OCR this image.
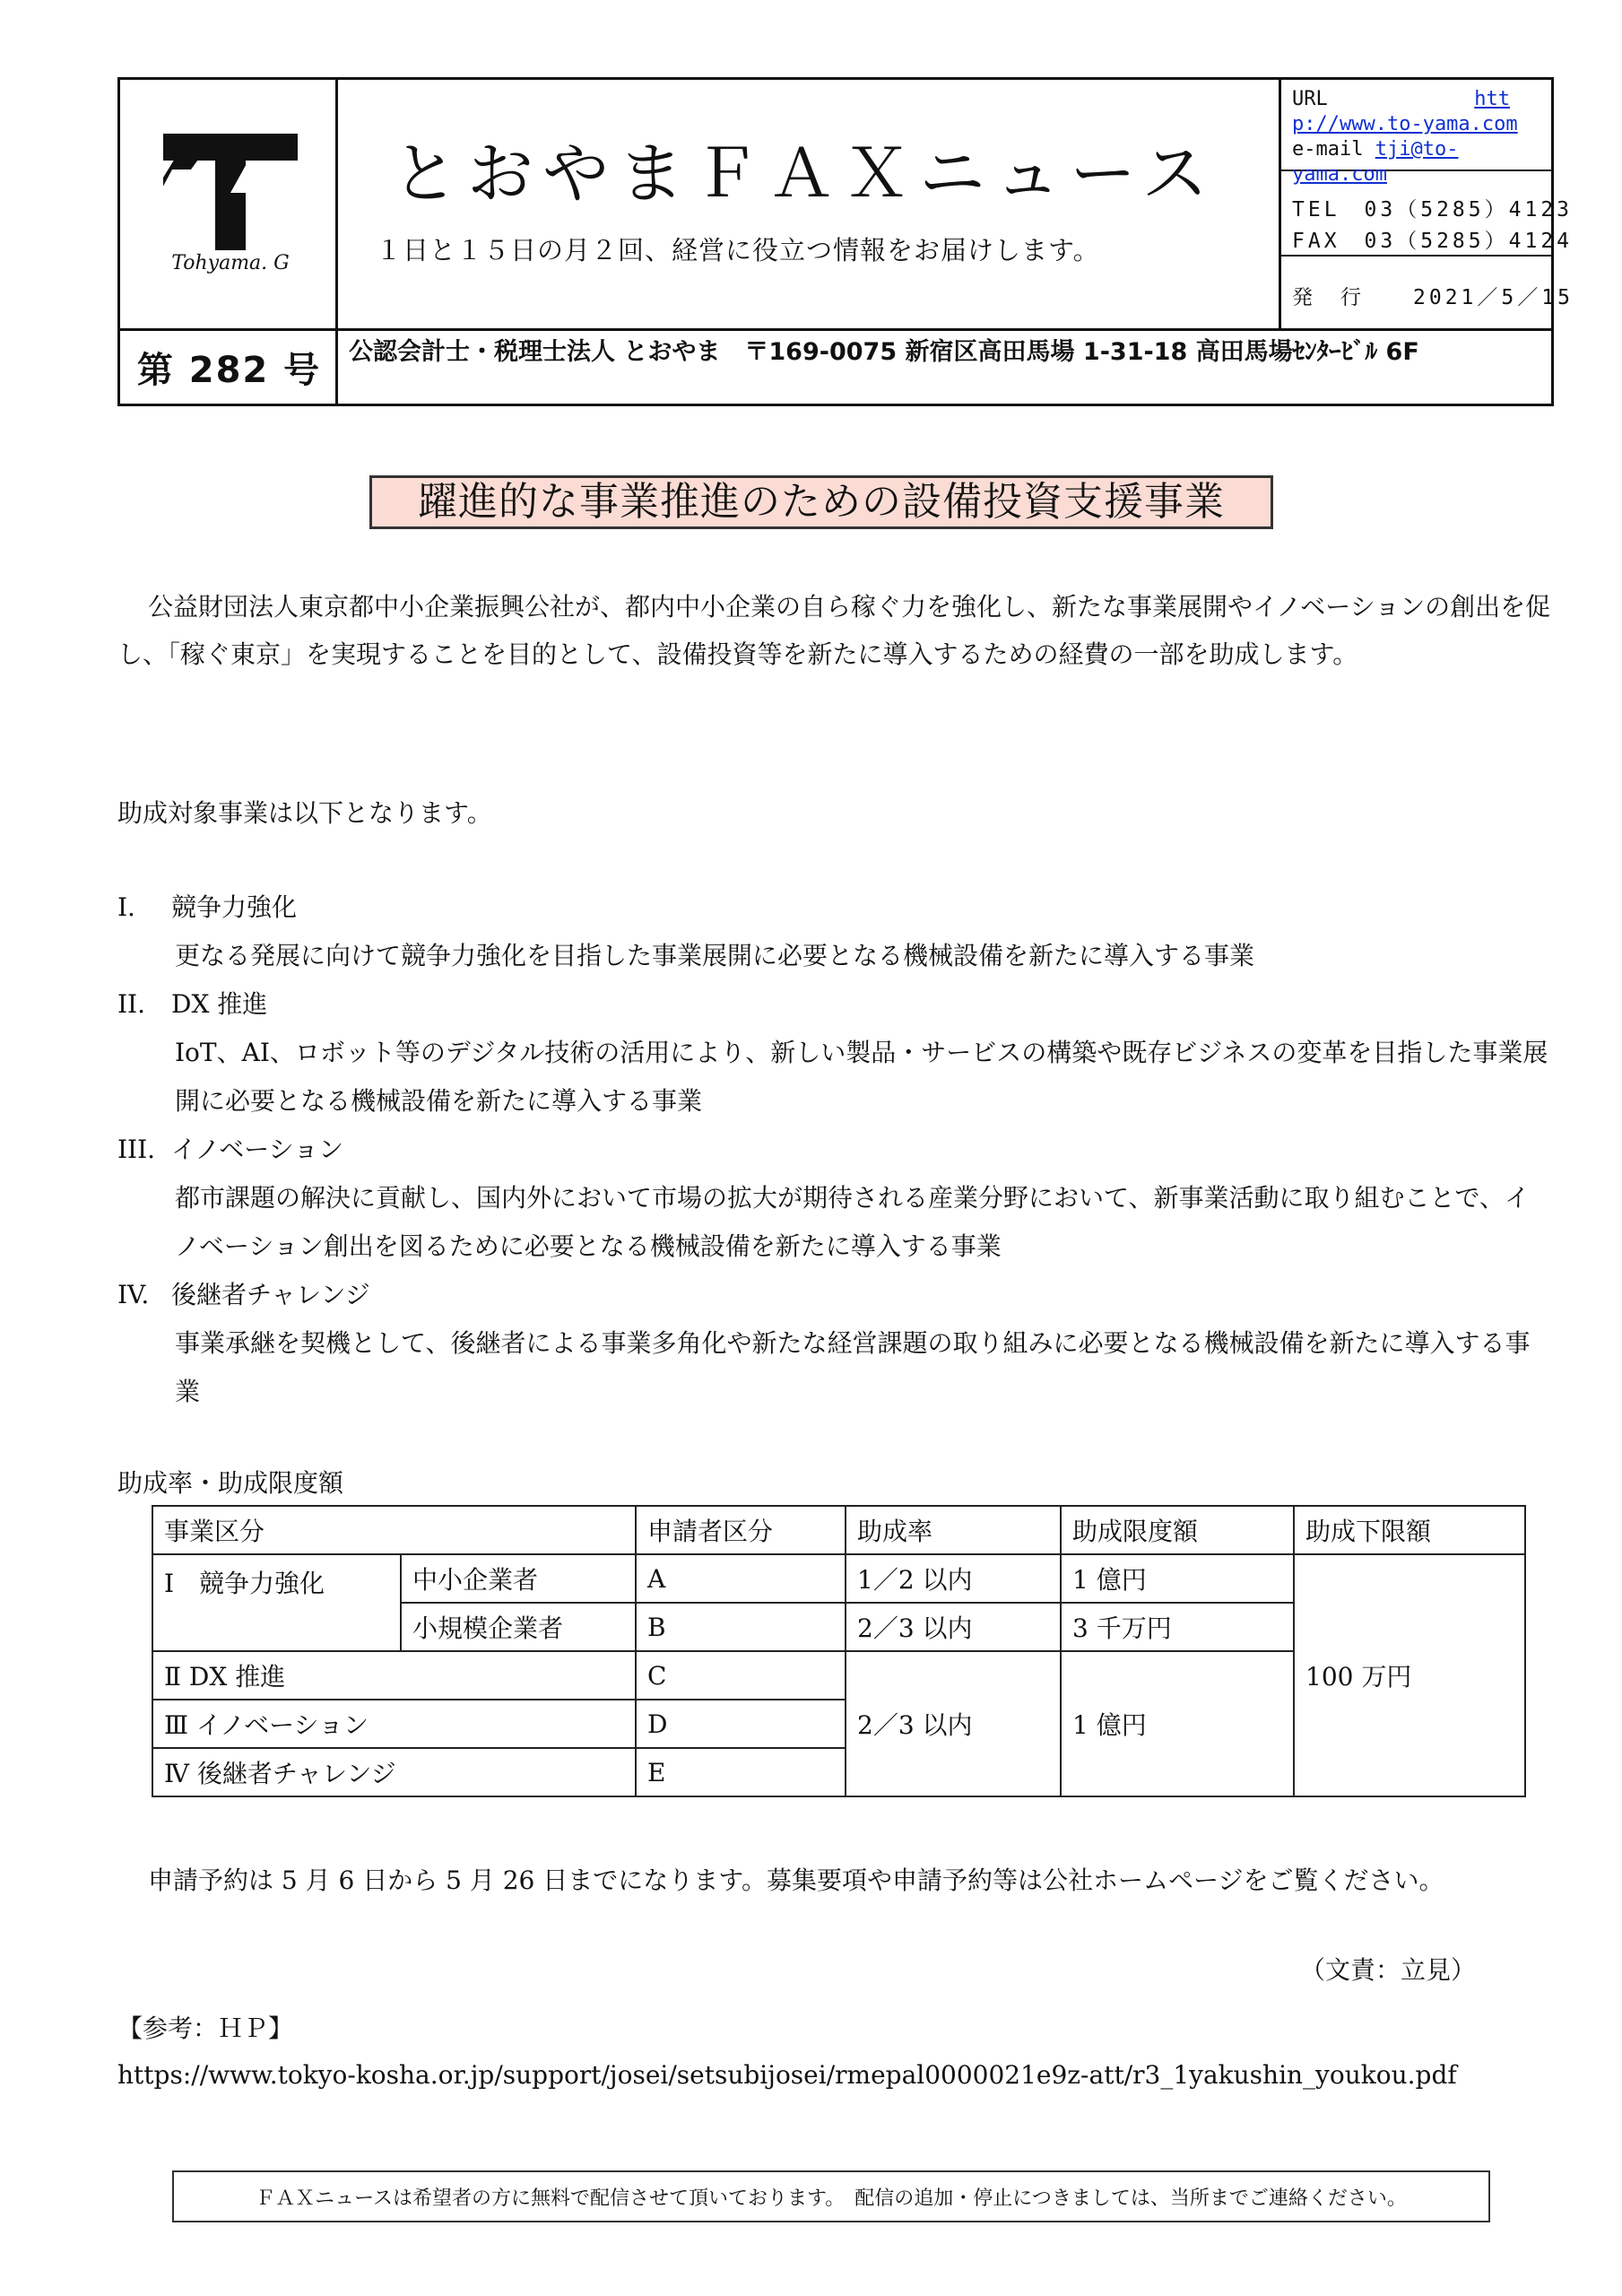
Tohyama. G
とおやまＦＡＸニュース
１日と１５日の月２回、経営に役立つ情報をお届けします。
URL	http://www.to-yama.com
e-mail tji@to-yama.com
TEL　03（5285）4123
FAX　03（5285）4124
発　行　　2021／5／15
第 282 号	公認会計士・税理士法人 とおやま　〒169-0075 新宿区高田馬場 1-31-18 高田馬場ｾﾝﾀｰﾋﾞﾙ 6F
躍進的な事業推進のための設備投資支援事業
公益財団法人東京都中小企業振興公社が、都内中小企業の自ら稼ぐ力を強化し、新たな事業展開やイノベーションの創出を促し、「稼ぐ東京」を実現することを目的として、設備投資等を新たに導入するための経費の一部を助成します。
助成対象事業は以下となります。
I.	競争力強化
更なる発展に向けて競争力強化を目指した事業展開に必要となる機械設備を新たに導入する事業
II.	DX 推進
IoT、AI、ロボット等のデジタル技術の活用により、新しい製品・サービスの構築や既存ビジネスの変革を目指した事業展開に必要となる機械設備を新たに導入する事業
III. イノベーション
都市課題の解決に貢献し、国内外において市場の拡大が期待される産業分野において、新事業活動に取り組むことで、イノベーション創出を図るために必要となる機械設備を新たに導入する事業
IV. 後継者チャレンジ
事業承継を契機として、後継者による事業多角化や新たな経営課題の取り組みに必要となる機械設備を新たに導入する事業
助成率・助成限度額
事業区分		申請者区分	助成率	助成限度額	助成下限額
Ⅰ　競争力強化	中小企業者	A	1／2 以内	1 億円	100 万円
	小規模企業者	B	2／3 以内	3 千万円	
Ⅱ DX 推進		C	2／3 以内	1 億円	
Ⅲ イノベーション		D			
Ⅳ 後継者チャレンジ		E			
申請予約は 5 月 6 日から 5 月 26 日までになります。募集要項や申請予約等は公社ホームページをご覧ください。
（文責：立見）
【参考：ＨＰ】
https://www.tokyo-kosha.or.jp/support/josei/setsubijosei/rmepal0000021e9z-att/r3_1yakushin_youkou.pdf
ＦＡＸニュースは希望者の方に無料で配信させて頂いております。　配信の追加・停止につきましては、当所までご連絡ください。
